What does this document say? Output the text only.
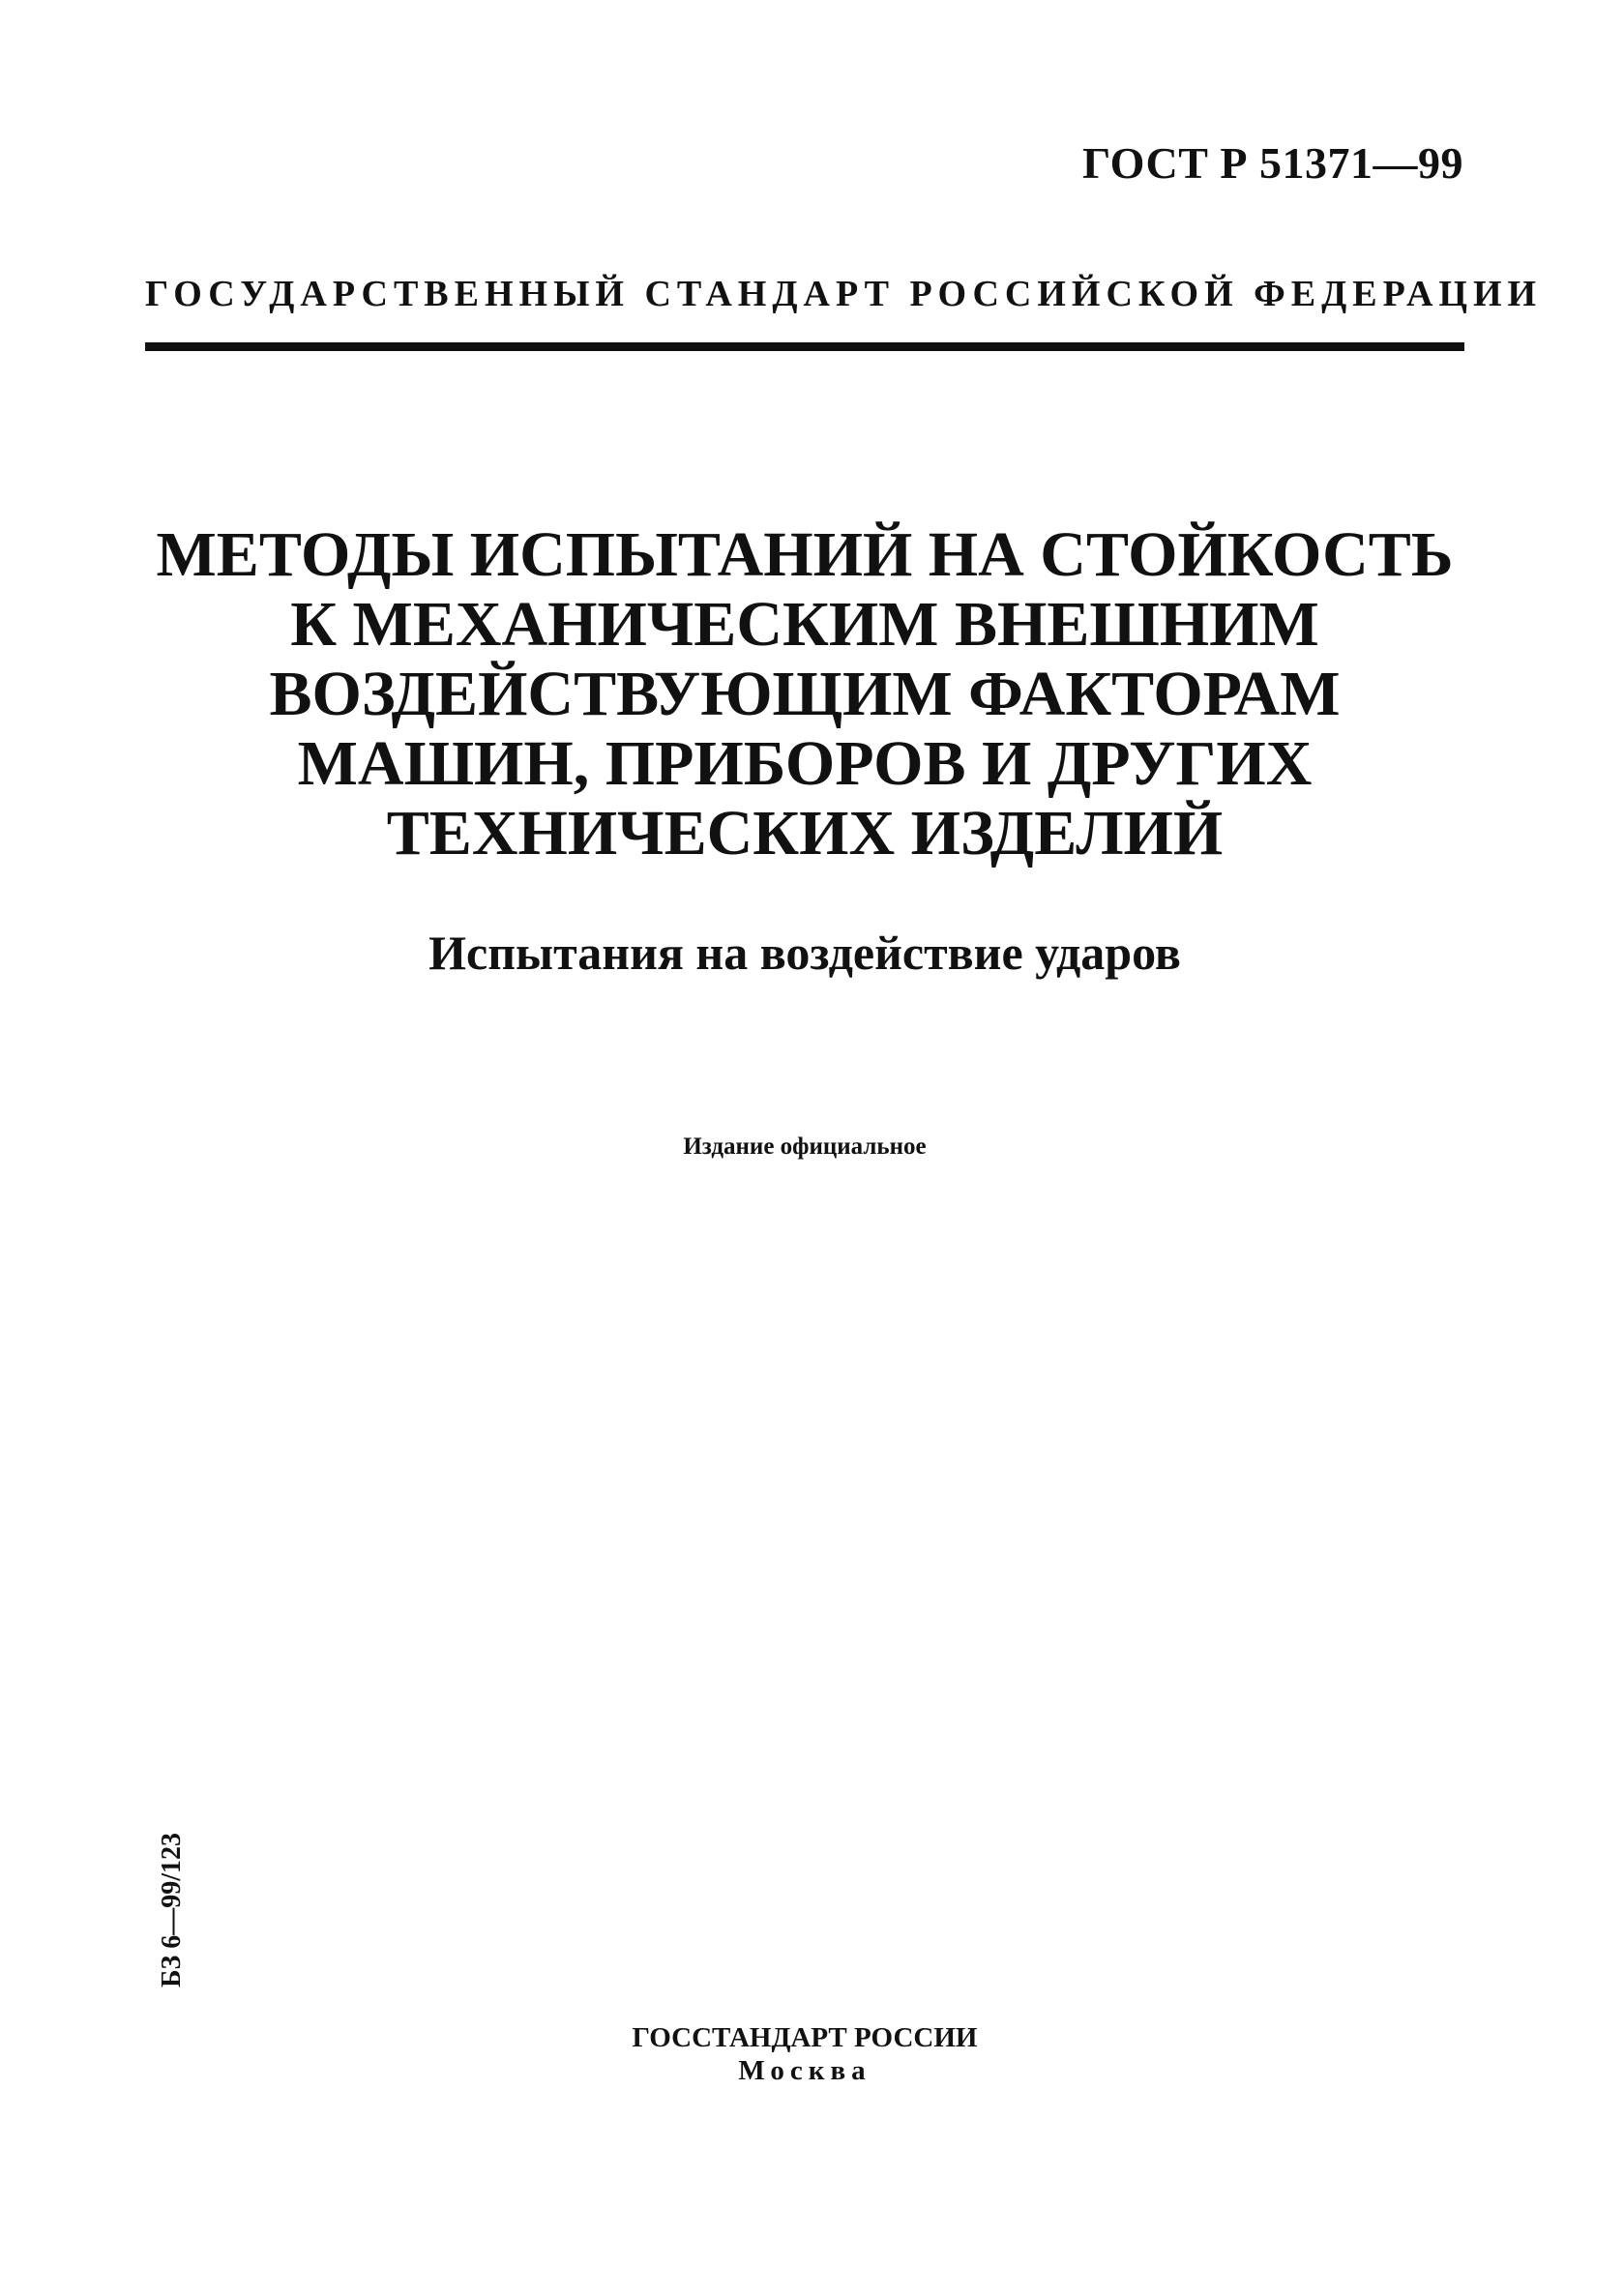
ГОСТ Р 51371—99
ГОСУДАРСТВЕННЫЙ СТАНДАРТ РОССИЙСКОЙ ФЕДЕРАЦИИ
МЕТОДЫ ИСПЫТАНИЙ НА СТОЙКОСТЬ
К МЕХАНИЧЕСКИМ ВНЕШНИМ
ВОЗДЕЙСТВУЮЩИМ ФАКТОРАМ
МАШИН, ПРИБОРОВ И ДРУГИХ
ТЕХНИЧЕСКИХ ИЗДЕЛИЙ
Испытания на воздействие ударов
Издание официальное
БЗ 6—99/123
ГОССТАНДАРТ РОССИИ
Москва
